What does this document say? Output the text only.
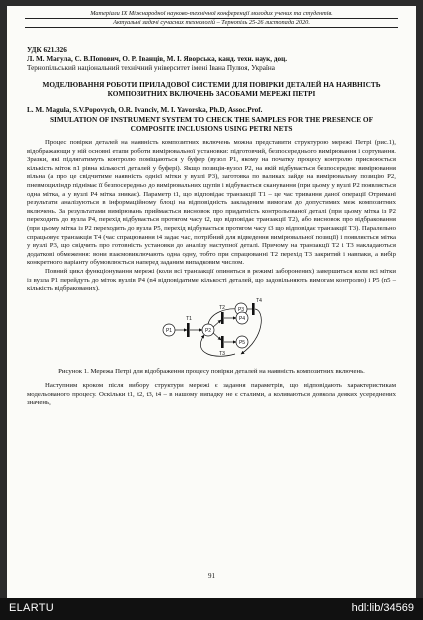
Матеріали ІХ Міжнародної науково-технічної конференції молодих учених та студентів.
Актуальні задачі сучасних технологій – Тернопіль 25-26 листопада 2020.
УДК 621.326
Л. М. Магула, С. В.Попович, О. Р. Іванців, М. І. Яворська, канд. техн. наук, доц.
Тернопільський національний технічний університет імені Івана Пулюя, Україна
МОДЕЛЮВАННЯ РОБОТИ ПРИЛАДОВОЇ СИСТЕМИ ДЛЯ ПОВІРКИ ДЕТАЛЕЙ НА НАЯВНІСТЬ КОМПОЗИТНИХ ВКЛЮЧЕНЬ ЗАСОБАМИ МЕРЕЖІ ПЕТРІ
L. M. Magula, S.V.Popovych, O.R. Ivanciv, M. I. Yavorska, Ph.D, Assoc.Prof.
SIMULATION OF INSTRUMENT SYSTEM TO CHECK THE SAMPLES FOR THE PRESENCE OF COMPOSITE INCLUSIONS USING PETRI NETS
Процес повірки деталей на наявність композитних включень можна представити структурою мережі Петрі (рис.1), відображающи у ній основні етапи роботи вимірювальної установки: підготовчий, безпосереднього вимірювання і сортування. Зразки, які підлягатимуть контролю поміщаються у буфер (вузол Р1, якому на початку процесу контролю присвоюється кількість міток n1 рівна кількості деталей у буфері). Якщо позиція-вузол Р2, на якій відбувається безпосереднє вимірювання вільна (а про це свідчитиме наявність однієї мітки у вузлі Р3), заготовка по валиках зайде на вимірювальну позицію Р2, пневмоциліндр піднімає її безпосередньо до вимірювальних щупів і відбувається сканування (при цьому у вузлі Р2 появляється одна мітка, а у вузлі Р4 мітка зникає). Параметр t1, що відповідає транзакції Т1 – це час тривання даної операції Отримані результати аналізуються в інформаційному блоці на відповідність закладеним вимогам до допустимих меж композитних включень. За результатами вимірювань приймається висновок про придатність контрольованої деталі (при цьому мітка із Р2 переходить до вузла Р4, перехід відбувається протягом часу t2, що відповідає транзакції Т2), або висновок про відбраковання (при цьому мітка із Р2 переходить до вузла Р5, перехід відбувається протягом часу t3 що відповідає транзакції Т3). Паралельно спрацьовує транзакція Т4 (час спрацювання t4 задає час, потрібний для відведення вимірювальної позиції) і появляється мітка у вузлі Р3, що свідчить про готовність установки до аналізу наступної деталі. Причому на транзакції Т2 і Т3 накладаються додаткові обмеження: вони взаємовиключають одна одну, тобто при спрацюванні Т2 перехід Т3 закритий і навпаки, а вибір конкретного варіанту обумовлюється наперед заданим випадковим числом.
Повний цикл функціонування мережі (коли всі транзакції опиняться в режимі заборонених) завершиться коли всі мітки із вузла Р1 перейдуть до міток вузлів Р4 (n4 відповідатиме кількості деталей, що задовільняють вимогам контролю) і Р5 (n5 – кількість відбракованих).
P1	P2
P3
P4
P5
T1
T2
T3
T4
Рисунок 1. Мережа Петрі для відображення процесу повірки деталей на наявність композитних включень.
Наступним кроком після вибору структури мережі є задання параметрів, що відповідають характеристикам модельованого процесу. Оскільки t1, t2, t3, t4 – в нашому випадку не є сталими, а коливаються довкола деяких усереднених значень,
91
ELARTU	hdl:lib/34569
